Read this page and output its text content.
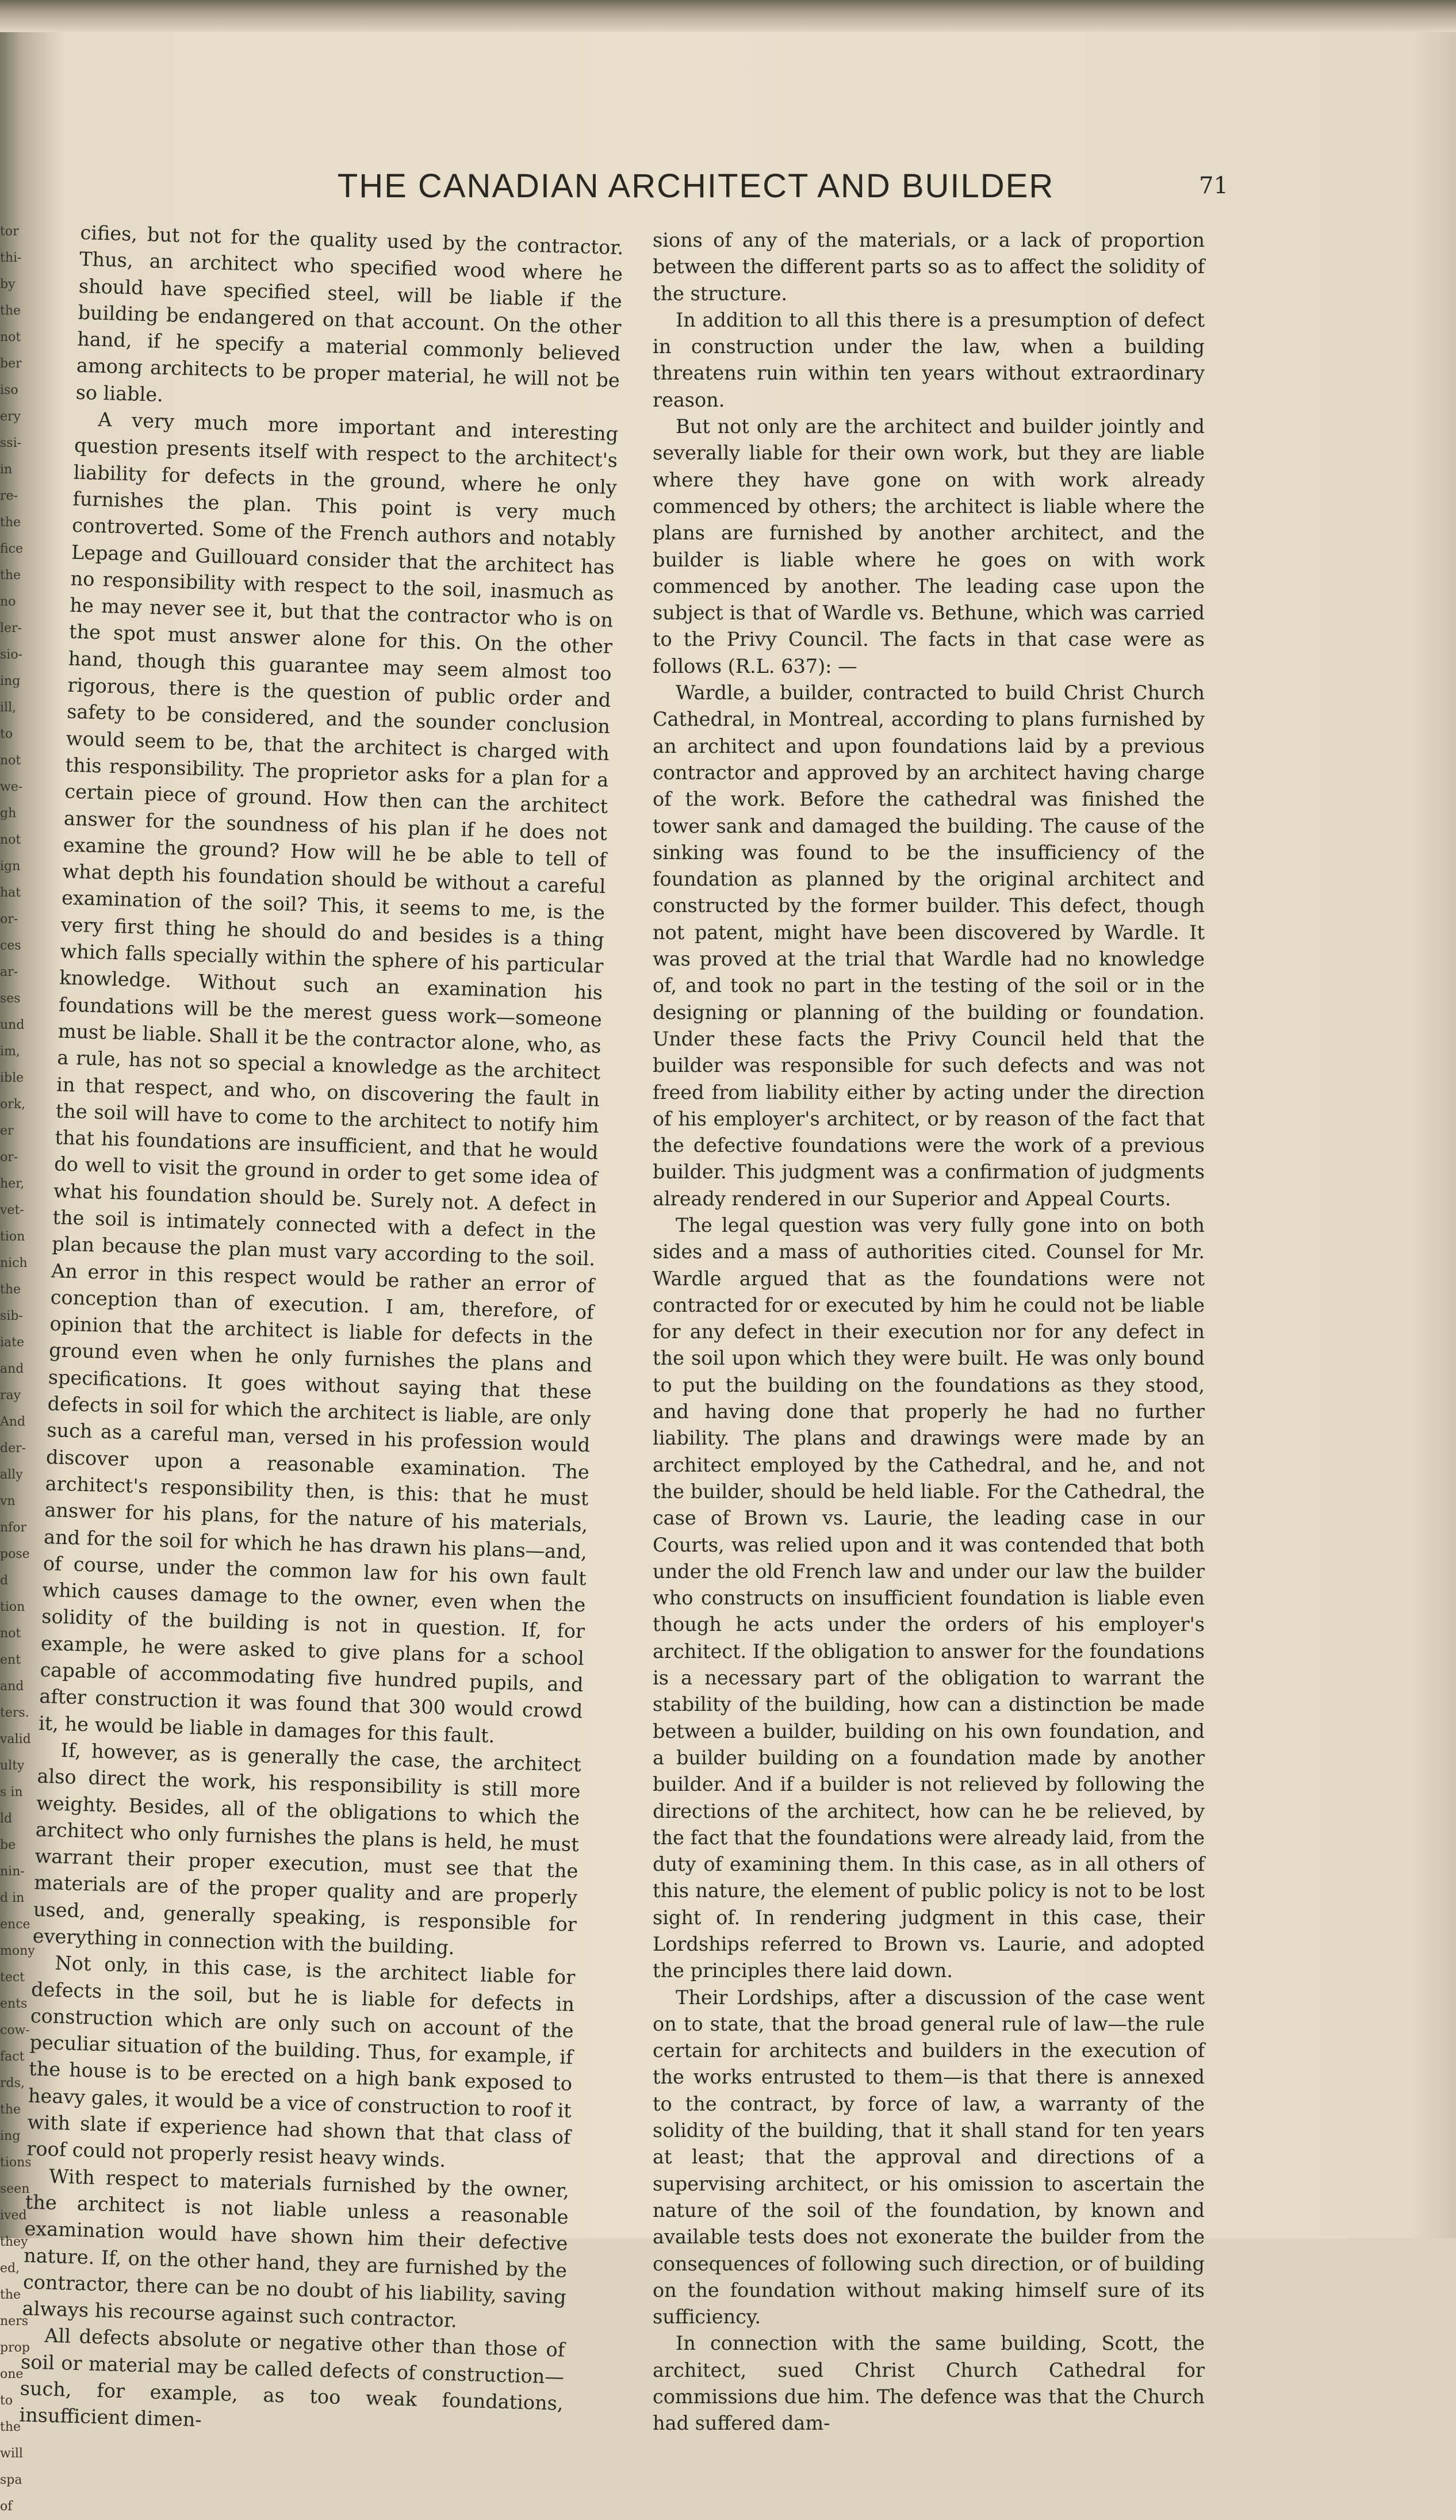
tor
thi-
by
the
not
ber
iso
ery
ssi-
in
re-
the
fice
the
no
ler-
sio-
ing
ill,
to
not
we-
gh
not
ign
hat
or-
ces
ar-
ses
und
im,
ible
ork,
er
or-
her,
vet-
tion
nich
the
sib-
iate
and
ray
And
der-
ally
vn
nfor
pose
d
tion
not
ent
and
ters.
valid
ulty
s in
ld be
nin-
d in
ence
mony
tect
ents
cow-
fact
rds,
the
ing
tions
seen
ived
they
ed,
the
ners
prop
one
to
the
will
spa
of
THE CANADIAN ARCHITECT AND BUILDER	71

cifies, but not for the quality used by the contractor. Thus, an architect who specified wood where he should have specified steel, will be liable if the building be endangered on that account. On the other hand, if he specify a material commonly believed among architects to be proper material, he will not be so liable.

A very much more important and interesting question presents itself with respect to the architect's liability for defects in the ground, where he only furnishes the plan. This point is very much controverted. Some of the French authors and notably Lepage and Guillouard consider that the architect has no responsibility with respect to the soil, inasmuch as he may never see it, but that the contractor who is on the spot must answer alone for this. On the other hand, though this guarantee may seem almost too rigorous, there is the question of public order and safety to be considered, and the sounder conclusion would seem to be, that the architect is charged with this responsibility. The proprietor asks for a plan for a certain piece of ground. How then can the architect answer for the soundness of his plan if he does not examine the ground? How will he be able to tell of what depth his foundation should be without a careful examination of the soil? This, it seems to me, is the very first thing he should do and besides is a thing which falls specially within the sphere of his particular knowledge. Without such an examination his foundations will be the merest guess work—someone must be liable. Shall it be the contractor alone, who, as a rule, has not so special a knowledge as the architect in that respect, and who, on discovering the fault in the soil will have to come to the architect to notify him that his foundations are insufficient, and that he would do well to visit the ground in order to get some idea of what his foundation should be. Surely not. A defect in the soil is intimately connected with a defect in the plan because the plan must vary according to the soil. An error in this respect would be rather an error of conception than of execution. I am, therefore, of opinion that the architect is liable for defects in the ground even when he only furnishes the plans and specifications. It goes without saying that these defects in soil for which the architect is liable, are only such as a careful man, versed in his profession would discover upon a reasonable examination. The architect's responsibility then, is this: that he must answer for his plans, for the nature of his materials, and for the soil for which he has drawn his plans—and, of course, under the common law for his own fault which causes damage to the owner, even when the solidity of the building is not in question. If, for example, he were asked to give plans for a school capable of accommodating five hundred pupils, and after construction it was found that 300 would crowd it, he would be liable in damages for this fault.

If, however, as is generally the case, the architect also direct the work, his responsibility is still more weighty. Besides, all of the obligations to which the architect who only furnishes the plans is held, he must warrant their proper execution, must see that the materials are of the proper quality and are properly used, and, generally speaking, is responsible for everything in connection with the building.

Not only, in this case, is the architect liable for defects in the soil, but he is liable for defects in construction which are only such on account of the peculiar situation of the building. Thus, for example, if the house is to be erected on a high bank exposed to heavy gales, it would be a vice of construction to roof it with slate if experience had shown that that class of roof could not properly resist heavy winds.

With respect to materials furnished by the owner, the architect is not liable unless a reasonable examination would have shown him their defective nature. If, on the other hand, they are furnished by the contractor, there can be no doubt of his liability, saving always his recourse against such contractor.

All defects absolute or negative other than those of soil or material may be called defects of construction—such, for example, as too weak foundations, insufficient dimen-

sions of any of the materials, or a lack of proportion between the different parts so as to affect the solidity of the structure.

In addition to all this there is a presumption of defect in construction under the law, when a building threatens ruin within ten years without extraordinary reason.

But not only are the architect and builder jointly and severally liable for their own work, but they are liable where they have gone on with work already commenced by others; the architect is liable where the plans are furnished by another architect, and the builder is liable where he goes on with work commenced by another. The leading case upon the subject is that of Wardle vs. Bethune, which was carried to the Privy Council. The facts in that case were as follows (R.L. 637): —

Wardle, a builder, contracted to build Christ Church Cathedral, in Montreal, according to plans furnished by an architect and upon foundations laid by a previous contractor and approved by an architect having charge of the work. Before the cathedral was finished the tower sank and damaged the building. The cause of the sinking was found to be the insufficiency of the foundation as planned by the original architect and constructed by the former builder. This defect, though not patent, might have been discovered by Wardle. It was proved at the trial that Wardle had no knowledge of, and took no part in the testing of the soil or in the designing or planning of the building or foundation. Under these facts the Privy Council held that the builder was responsible for such defects and was not freed from liability either by acting under the direction of his employer's architect, or by reason of the fact that the defective foundations were the work of a previous builder. This judgment was a confirmation of judgments already rendered in our Superior and Appeal Courts.

The legal question was very fully gone into on both sides and a mass of authorities cited. Counsel for Mr. Wardle argued that as the foundations were not contracted for or executed by him he could not be liable for any defect in their execution nor for any defect in the soil upon which they were built. He was only bound to put the building on the foundations as they stood, and having done that properly he had no further liability. The plans and drawings were made by an architect employed by the Cathedral, and he, and not the builder, should be held liable. For the Cathedral, the case of Brown vs. Laurie, the leading case in our Courts, was relied upon and it was contended that both under the old French law and under our law the builder who constructs on insufficient foundation is liable even though he acts under the orders of his employer's architect. If the obligation to answer for the foundations is a necessary part of the obligation to warrant the stability of the building, how can a distinction be made between a builder, building on his own foundation, and a builder building on a foundation made by another builder. And if a builder is not relieved by following the directions of the architect, how can he be relieved, by the fact that the foundations were already laid, from the duty of examining them. In this case, as in all others of this nature, the element of public policy is not to be lost sight of. In rendering judgment in this case, their Lordships referred to Brown vs. Laurie, and adopted the principles there laid down.

Their Lordships, after a discussion of the case went on to state, that the broad general rule of law—the rule certain for architects and builders in the execution of the works entrusted to them—is that there is annexed to the contract, by force of law, a warranty of the solidity of the building, that it shall stand for ten years at least; that the approval and directions of a supervising architect, or his omission to ascertain the nature of the soil of the foundation, by known and available tests does not exonerate the builder from the consequences of following such direction, or of building on the foundation without making himself sure of its sufficiency.

In connection with the same building, Scott, the architect, sued Christ Church Cathedral for commissions due him. The defence was that the Church had suffered dam-
